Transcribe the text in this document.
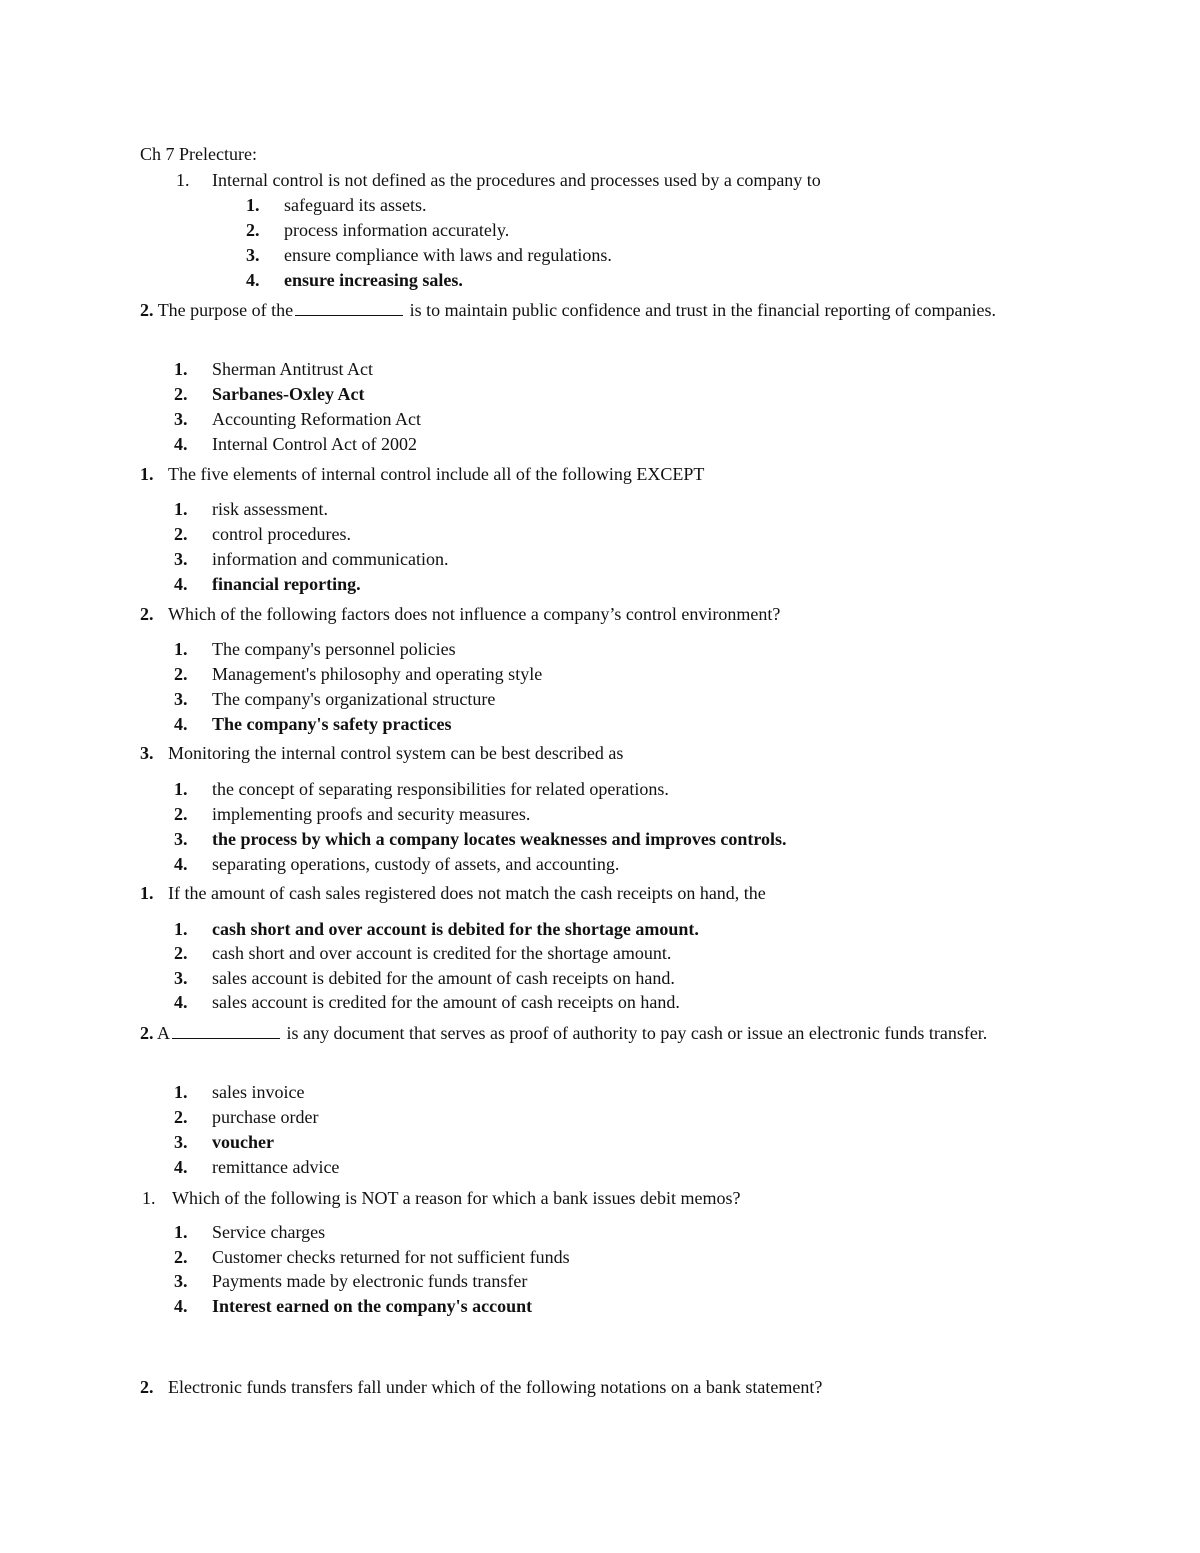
Ch 7 Prelecture:
1. Internal control is not defined as the procedures and processes used by a company to
1. safeguard its assets.
2. process information accurately.
3. ensure compliance with laws and regulations.
4. ensure increasing sales.
2. The purpose of the	is to maintain public confidence and trust in the financial reporting of companies.
1. Sherman Antitrust Act
2. Sarbanes-Oxley Act
3. Accounting Reformation Act
4. Internal Control Act of 2002
1. The five elements of internal control include all of the following EXCEPT
1. risk assessment.
2. control procedures.
3. information and communication.
4. financial reporting.
2. Which of the following factors does not influence a company’s control environment?
1. The company's personnel policies
2. Management's philosophy and operating style
3. The company's organizational structure
4. The company's safety practices
3. Monitoring the internal control system can be best described as
1. the concept of separating responsibilities for related operations.
2. implementing proofs and security measures.
3. the process by which a company locates weaknesses and improves controls.
4. separating operations, custody of assets, and accounting.
1. If the amount of cash sales registered does not match the cash receipts on hand, the
1. cash short and over account is debited for the shortage amount.
2. cash short and over account is credited for the shortage amount.
3. sales account is debited for the amount of cash receipts on hand.
4. sales account is credited for the amount of cash receipts on hand.
2. A	is any document that serves as proof of authority to pay cash or issue an electronic funds transfer.
1. sales invoice
2. purchase order
3. voucher
4. remittance advice
1. Which of the following is NOT a reason for which a bank issues debit memos?
1. Service charges
2. Customer checks returned for not sufficient funds
3. Payments made by electronic funds transfer
4. Interest earned on the company's account
2. Electronic funds transfers fall under which of the following notations on a bank statement?
